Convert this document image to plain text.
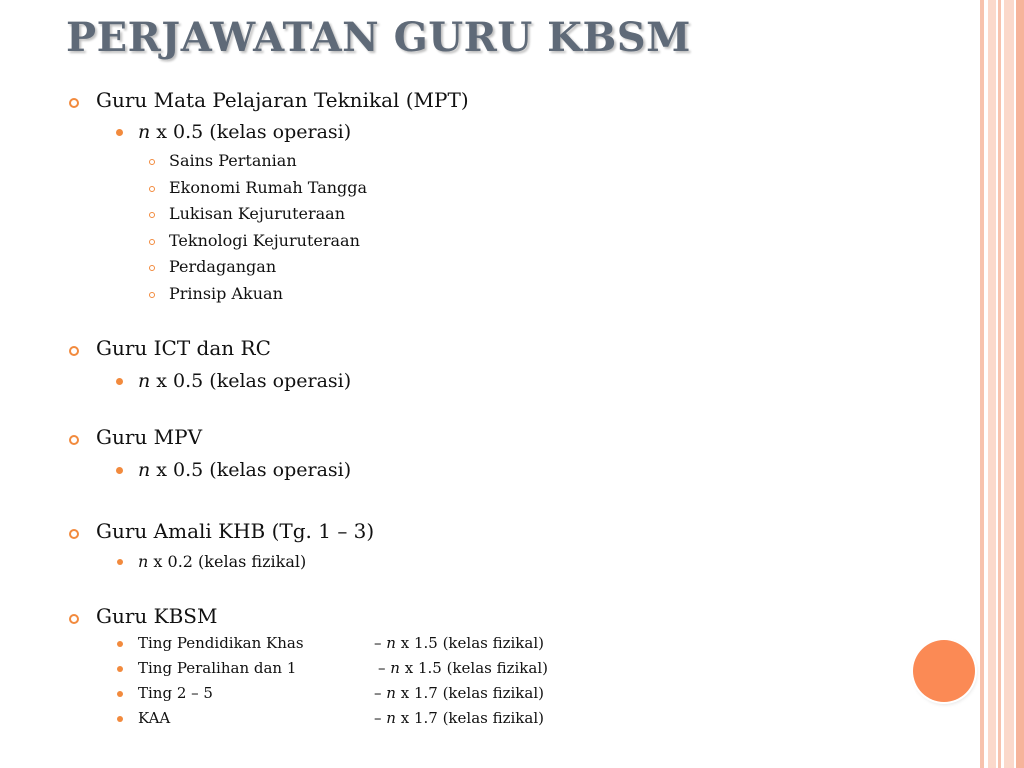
PERJAWATAN GURU KBSM
Guru Mata Pelajaran Teknikal (MPT)
n x 0.5 (kelas operasi)
Sains Pertanian
Ekonomi Rumah Tangga
Lukisan Kejuruteraan
Teknologi Kejuruteraan
Perdagangan
Prinsip Akuan
Guru ICT dan RC
n x 0.5 (kelas operasi)
Guru MPV
n x 0.5 (kelas operasi)
Guru Amali KHB (Tg. 1 – 3)
n x 0.2 (kelas fizikal)
Guru KBSM
Ting Pendidikan Khas	– n x 1.5 (kelas fizikal)
Ting Peralihan dan 1	– n x 1.5 (kelas fizikal)
Ting 2 – 5	– n x 1.7 (kelas fizikal)
KAA	– n x 1.7 (kelas fizikal)
